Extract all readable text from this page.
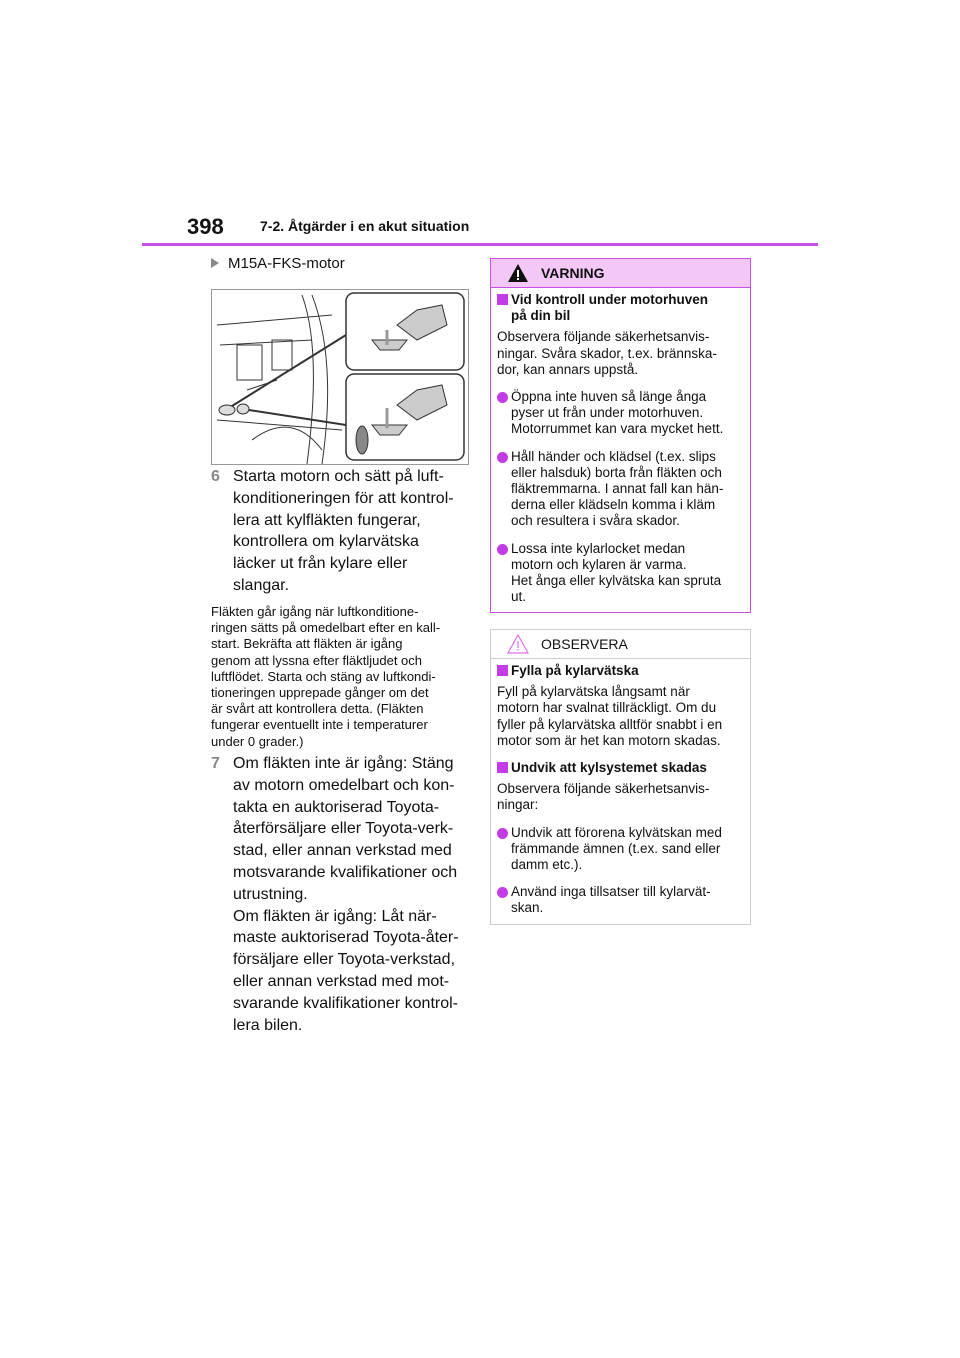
398	7-2. Åtgärder i en akut situation
M15A-FKS-motor
6 Starta motorn och sätt på luft-
konditioneringen för att kontrol-
lera att kylfläkten fungerar,
kontrollera om kylarvätska
läcker ut från kylare eller
slangar.
Fläkten går igång när luftkonditione-
ringen sätts på omedelbart efter en kall-
start. Bekräfta att fläkten är igång
genom att lyssna efter fläktljudet och
luftflödet. Starta och stäng av luftkondi-
tioneringen upprepade gånger om det
är svårt att kontrollera detta. (Fläkten
fungerar eventuellt inte i temperaturer
under 0 grader.)
7 Om fläkten inte är igång: Stäng
av motorn omedelbart och kon-
takta en auktoriserad Toyota-
återförsäljare eller Toyota-verk-
stad, eller annan verkstad med
motsvarande kvalifikationer och
utrustning.
Om fläkten är igång: Låt när-
maste auktoriserad Toyota-åter-
försäljare eller Toyota-verkstad,
eller annan verkstad med mot-
svarande kvalifikationer kontrol-
lera bilen.
VARNING
Vid kontroll under motorhuven
på din bil
Observera följande säkerhetsanvis-
ningar. Svåra skador, t.ex. brännska-
dor, kan annars uppstå.
Öppna inte huven så länge ånga
pyser ut från under motorhuven.
Motorrummet kan vara mycket hett.
Håll händer och klädsel (t.ex. slips
eller halsduk) borta från fläkten och
fläktremmarna. I annat fall kan hän-
derna eller klädseln komma i kläm
och resultera i svåra skador.
Lossa inte kylarlocket medan
motorn och kylaren är varma.
Het ånga eller kylvätska kan spruta
ut.
OBSERVERA
Fylla på kylarvätska
Fyll på kylarvätska långsamt när
motorn har svalnat tillräckligt. Om du
fyller på kylarvätska alltför snabbt i en
motor som är het kan motorn skadas.
Undvik att kylsystemet skadas
Observera följande säkerhetsanvis-
ningar:
Undvik att förorena kylvätskan med
främmande ämnen (t.ex. sand eller
damm etc.).
Använd inga tillsatser till kylarvät-
skan.
